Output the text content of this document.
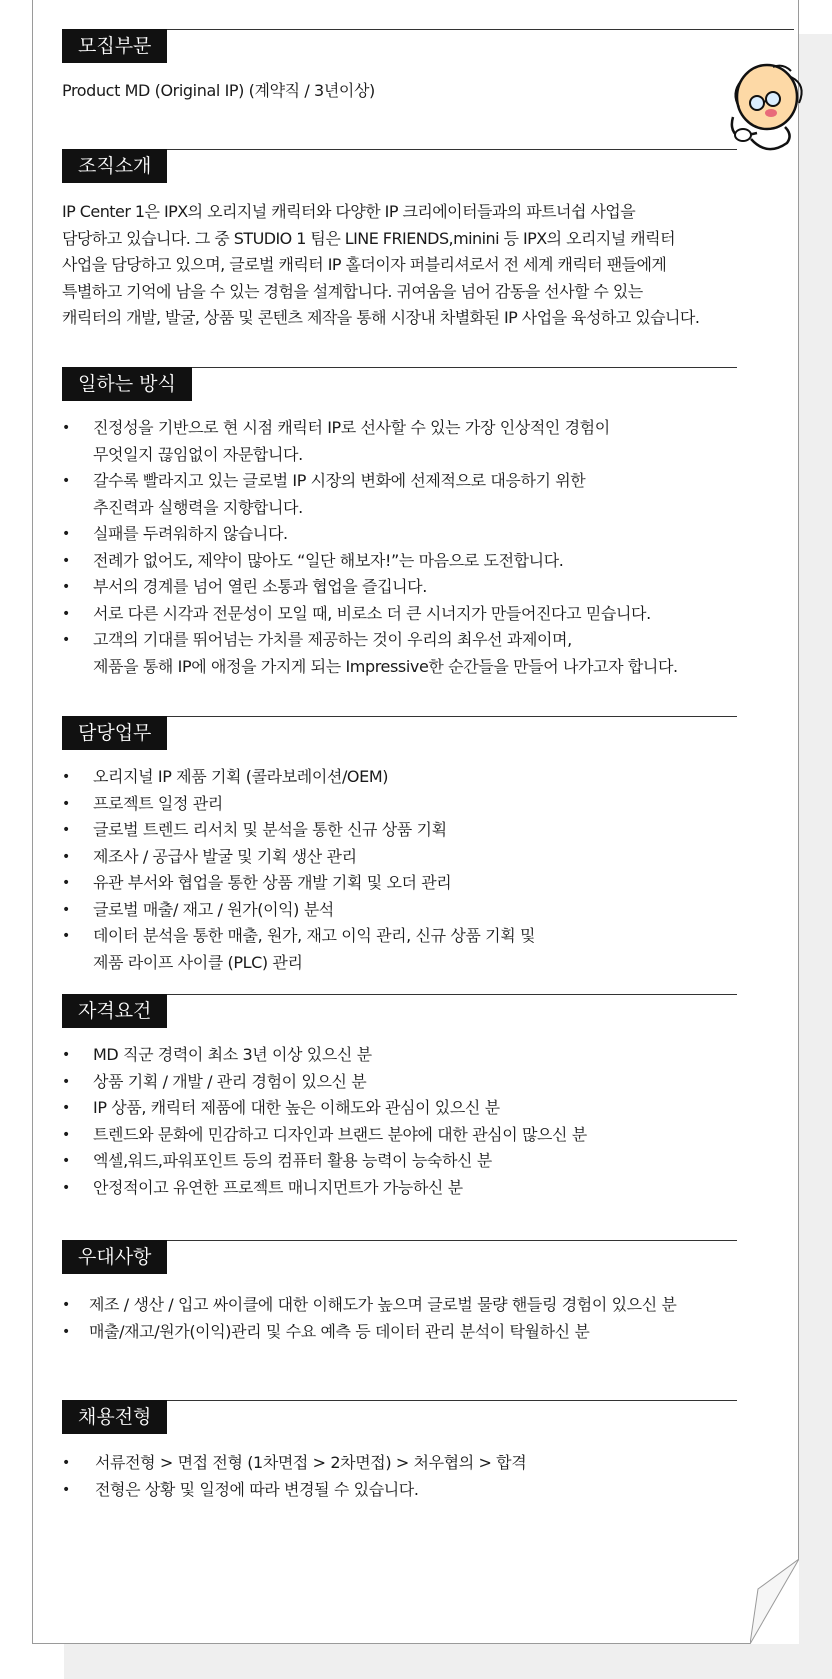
모집부문
Product MD (Original IP) (계약직 / 3년이상)
조직소개
IP Center 1은 IPX의 오리지널 캐릭터와 다양한 IP 크리에이터들과의 파트너쉽 사업을
담당하고 있습니다. 그 중 STUDIO 1 팀은 LINE FRIENDS,minini 등 IPX의 오리지널 캐릭터
사업을 담당하고 있으며, 글로벌 캐릭터 IP 홀더이자 퍼블리셔로서 전 세계 캐릭터 팬들에게
특별하고 기억에 남을 수 있는 경험을 설계합니다. 귀여움을 넘어 감동을 선사할 수 있는
캐릭터의 개발, 발굴, 상품 및 콘텐츠 제작을 통해 시장내 차별화된 IP 사업을 육성하고 있습니다.
일하는 방식
• 진정성을 기반으로 현 시점 캐릭터 IP로 선사할 수 있는 가장 인상적인 경험이
무엇일지 끊임없이 자문합니다.
• 갈수록 빨라지고 있는 글로벌 IP 시장의 변화에 선제적으로 대응하기 위한
추진력과 실행력을 지향합니다.
• 실패를 두려워하지 않습니다.
• 전례가 없어도, 제약이 많아도 “일단 해보자!”는 마음으로 도전합니다.
• 부서의 경계를 넘어 열린 소통과 협업을 즐깁니다.
• 서로 다른 시각과 전문성이 모일 때, 비로소 더 큰 시너지가 만들어진다고 믿습니다.
• 고객의 기대를 뛰어넘는 가치를 제공하는 것이 우리의 최우선 과제이며,
제품을 통해 IP에 애정을 가지게 되는 Impressive한 순간들을 만들어 나가고자 합니다.
담당업무
• 오리지널 IP 제품 기획 (콜라보레이션/OEM)
• 프로젝트 일정 관리
• 글로벌 트렌드 리서치 및 분석을 통한 신규 상품 기획
• 제조사 / 공급사 발굴 및 기획 생산 관리
• 유관 부서와 협업을 통한 상품 개발 기획 및 오더 관리
• 글로벌 매출/ 재고 / 원가(이익) 분석
• 데이터 분석을 통한 매출, 원가, 재고 이익 관리, 신규 상품 기획 및
제품 라이프 사이클 (PLC) 관리
자격요건
• MD 직군 경력이 최소 3년 이상 있으신 분
• 상품 기획 / 개발 / 관리 경험이 있으신 분
• IP 상품, 캐릭터 제품에 대한 높은 이해도와 관심이 있으신 분
• 트렌드와 문화에 민감하고 디자인과 브랜드 분야에 대한 관심이 많으신 분
• 엑셀,워드,파워포인트 등의 컴퓨터 활용 능력이 능숙하신 분
• 안정적이고 유연한 프로젝트 매니지먼트가 가능하신 분
우대사항
• 제조 / 생산 / 입고 싸이클에 대한 이해도가 높으며 글로벌 물량 핸들링 경험이 있으신 분
• 매출/재고/원가(이익)관리 및 수요 예측 등 데이터 관리 분석이 탁월하신 분
채용전형
• 서류전형 > 면접 전형 (1차면접 > 2차면접) > 처우협의 > 합격
• 전형은 상황 및 일정에 따라 변경될 수 있습니다.
